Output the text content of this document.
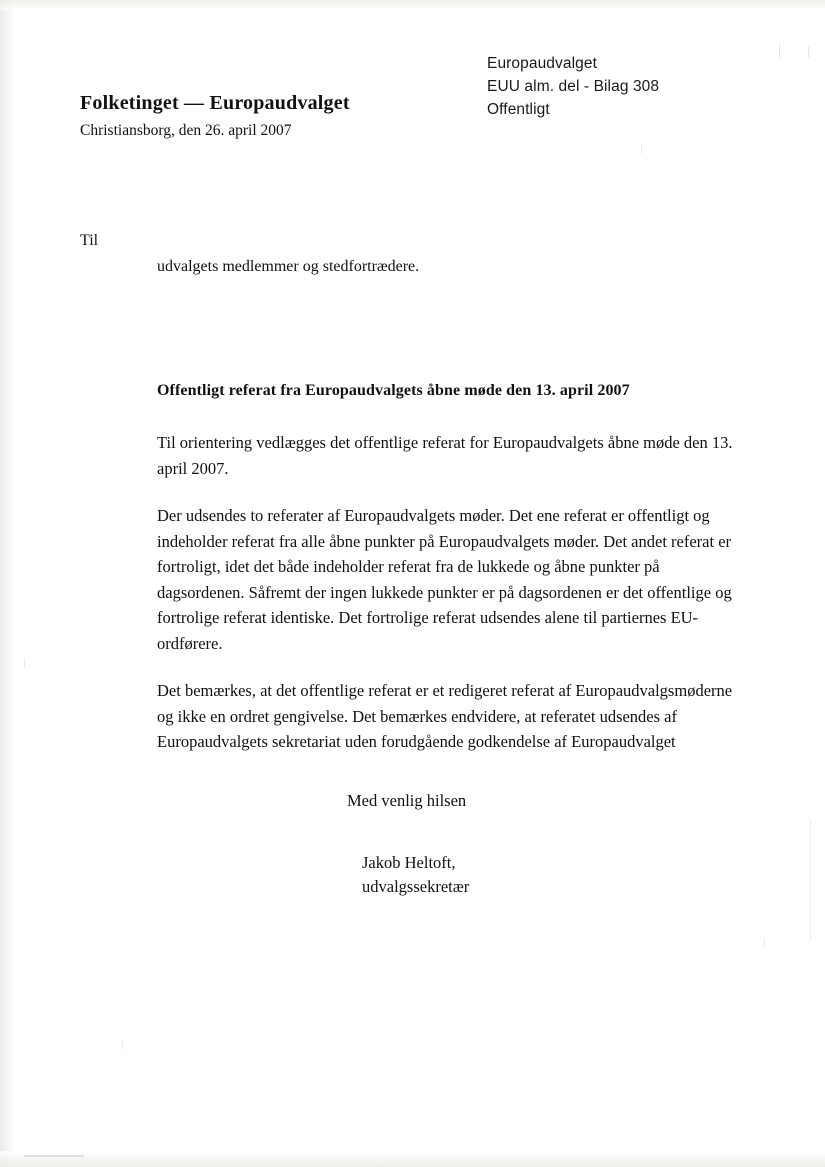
Europaudvalget
EUU alm. del - Bilag 308
Offentligt

Folketinget — Europaudvalget

Christiansborg, den 26. april 2007

Til
udvalgets medlemmer og stedfortrædere.
Offentligt referat fra Europaudvalgets åbne møde den 13. april 2007

Til orientering vedlægges det offentlige referat for Europaudvalgets åbne møde den 13. april 2007.

Der udsendes to referater af Europaudvalgets møder. Det ene referat er offentligt og indeholder referat fra alle åbne punkter på Europaudvalgets møder. Det andet referat er fortroligt, idet det både indeholder referat fra de lukkede og åbne punkter på dagsordenen. Såfremt der ingen lukkede punkter er på dagsordenen er det offentlige og fortrolige referat identiske. Det fortrolige referat udsendes alene til partiernes EU-ordførere.

Det bemærkes, at det offentlige referat er et redigeret referat af Europaudvalgsmøderne og ikke en ordret gengivelse. Det bemærkes endvidere, at referatet udsendes af Europaudvalgets sekretariat uden forudgående godkendelse af Europaudvalget

Med venlig hilsen
Jakob Heltoft,
udvalgssekretær
